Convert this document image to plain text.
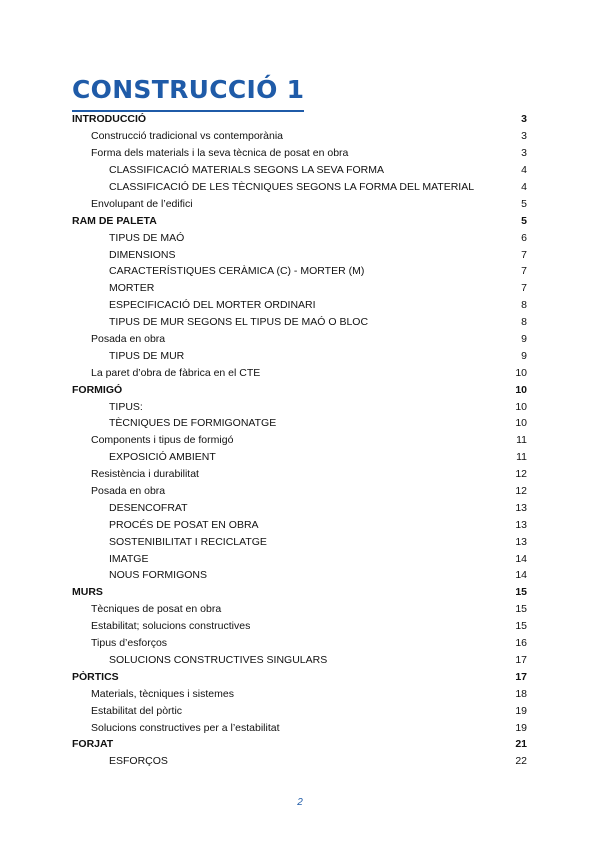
CONSTRUCCIÓ 1
INTRODUCCIÓ	3
Construcció tradicional vs contemporània	3
Forma dels materials i la seva tècnica de posat en obra	3
CLASSIFICACIÓ MATERIALS SEGONS LA SEVA FORMA	4
CLASSIFICACIÓ DE LES TÈCNIQUES SEGONS LA FORMA DEL MATERIAL	4
Envolupant de l’edifici	5
RAM DE PALETA	5
TIPUS DE MAÓ	6
DIMENSIONS	7
CARACTERÍSTIQUES CERÀMICA (C) - MORTER (M)	7
MORTER	7
ESPECIFICACIÓ DEL MORTER ORDINARI	8
TIPUS DE MUR SEGONS EL TIPUS DE MAÓ O BLOC	8
Posada en obra	9
TIPUS DE MUR	9
La paret d’obra de fàbrica en el CTE	10
FORMIGÓ	10
TIPUS:	10
TÈCNIQUES DE FORMIGONATGE	10
Components i tipus de formigó	11
EXPOSICIÓ AMBIENT	11
Resistència i durabilitat	12
Posada en obra	12
DESENCOFRAT	13
PROCÉS DE POSAT EN OBRA	13
SOSTENIBILITAT I RECICLATGE	13
IMATGE	14
NOUS FORMIGONS	14
MURS	15
Tècniques de posat en obra	15
Estabilitat; solucions constructives	15
Tipus d’esforços	16
SOLUCIONS CONSTRUCTIVES SINGULARS	17
PÒRTICS	17
Materials, tècniques i sistemes	18
Estabilitat del pòrtic	19
Solucions constructives per a l’estabilitat	19
FORJAT	21
ESFORÇOS	22
2
